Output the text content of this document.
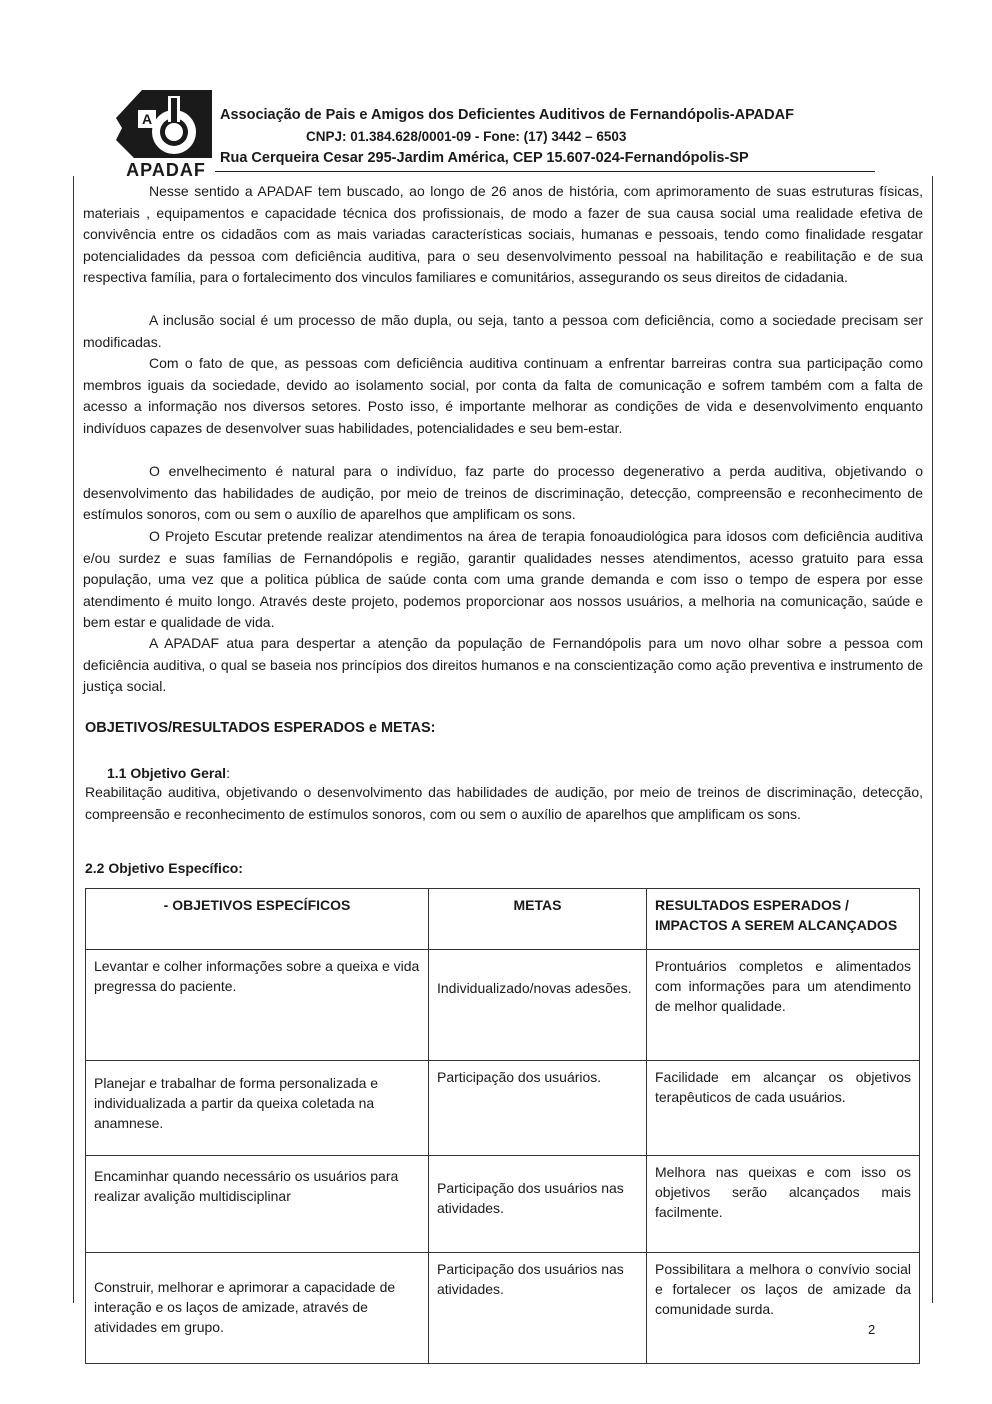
A
APADAF
Associação de Pais e Amigos dos Deficientes Auditivos de Fernandópolis-APADAF
CNPJ: 01.384.628/0001-09 - Fone: (17) 3442 – 6503
Rua Cerqueira Cesar 295-Jardim América, CEP 15.607-024-Fernandópolis-SP

Nesse sentido a APADAF tem buscado, ao longo de 26 anos de história, com aprimoramento de suas estruturas físicas, materiais , equipamentos e capacidade técnica dos profissionais, de modo a fazer de sua causa social uma realidade efetiva de convivência entre os cidadãos com as mais variadas características sociais, humanas e pessoais, tendo como finalidade resgatar potencialidades da pessoa com deficiência auditiva, para o seu desenvolvimento pessoal na habilitação e reabilitação e de sua respectiva família, para o fortalecimento dos vinculos familiares e comunitários, assegurando os seus direitos de cidadania.

A inclusão social é um processo de mão dupla, ou seja, tanto a pessoa com deficiência, como a sociedade precisam ser modificadas.

Com o fato de que, as pessoas com deficiência auditiva continuam a enfrentar barreiras contra sua participação como membros iguais da sociedade, devido ao isolamento social, por conta da falta de comunicação e sofrem também com a falta de acesso a informação nos diversos setores. Posto isso, é importante melhorar as condições de vida e desenvolvimento enquanto indivíduos capazes de desenvolver suas habilidades, potencialidades e seu bem-estar.

O envelhecimento é natural para o indivíduo, faz parte do processo degenerativo a perda auditiva, objetivando o desenvolvimento das habilidades de audição, por meio de treinos de discriminação, detecção, compreensão e reconhecimento de estímulos sonoros, com ou sem o auxílio de aparelhos que amplificam os sons.

O Projeto Escutar pretende realizar atendimentos na área de terapia fonoaudiológica para idosos com deficiência auditiva e/ou surdez e suas famílias de Fernandópolis e região, garantir qualidades nesses atendimentos, acesso gratuito para essa população, uma vez que a politica pública de saúde conta com uma grande demanda e com isso o tempo de espera por esse atendimento é muito longo. Através deste projeto, podemos proporcionar aos nossos usuários, a melhoria na comunicação, saúde e bem estar e qualidade de vida.

A APADAF atua para despertar a atenção da população de Fernandópolis para um novo olhar sobre a pessoa com deficiência auditiva, o qual se baseia nos princípios dos direitos humanos e na conscientização como ação preventiva e instrumento de justiça social.

OBJETIVOS/RESULTADOS ESPERADOS e METAS:

1.1 Objetivo Geral:

Reabilitação auditiva, objetivando o desenvolvimento das habilidades de audição, por meio de treinos de discriminação, detecção, compreensão e reconhecimento de estímulos sonoros, com ou sem o auxílio de aparelhos que amplificam os sons.

2.2 Objetivo Específico:

- OBJETIVOS ESPECÍFICOS	METAS	RESULTADOS ESPERADOS / IMPACTOS A SEREM ALCANÇADOS
Levantar e colher informações sobre a queixa e vida pregressa do paciente.	Individualizado/novas adesões.	Prontuários completos e alimentados com informações para um atendimento de melhor qualidade.
Planejar e trabalhar de forma personalizada e individualizada a partir da queixa coletada na anamnese.	Participação dos usuários.	Facilidade em alcançar os objetivos terapêuticos de cada usuários.
Encaminhar quando necessário os usuários para realizar avalição multidisciplinar	Participação dos usuários nas atividades.	Melhora nas queixas e com isso os objetivos serão alcançados mais facilmente.
Construir, melhorar e aprimorar a capacidade de interação e os laços de amizade, através de atividades em grupo.	Participação dos usuários nas atividades.	Possibilitara a melhora o convívio social e fortalecer os laços de amizade da comunidade surda.
2
